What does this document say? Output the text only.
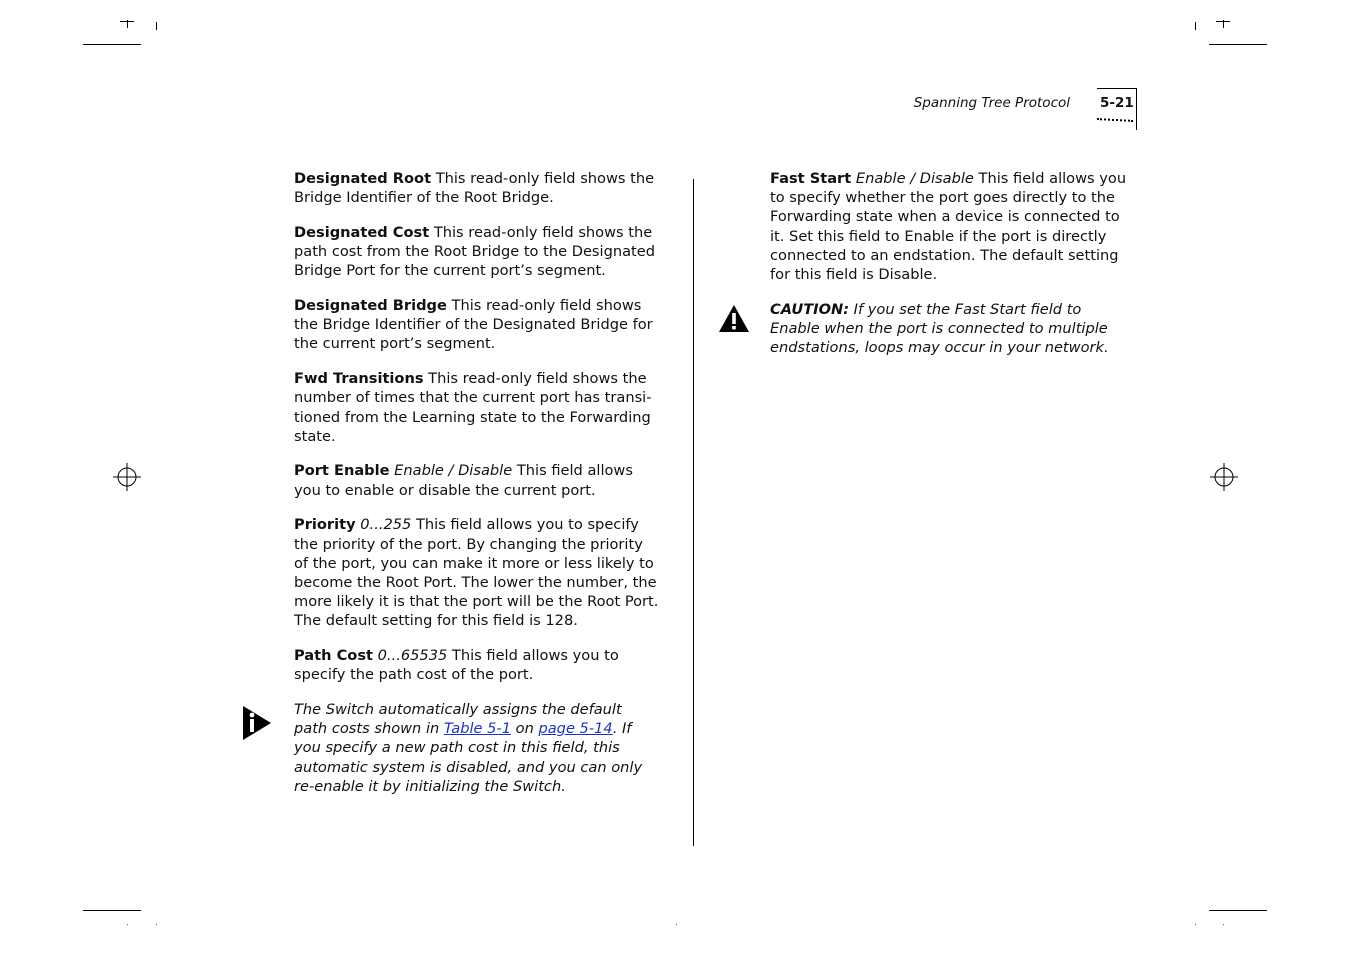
Spanning Tree Protocol 5-21

Designated Root This read-only field shows the Bridge Identifier of the Root Bridge.

Designated Cost This read-only field shows the path cost from the Root Bridge to the Designated Bridge Port for the current port’s segment.

Designated Bridge This read-only field shows the Bridge Identifier of the Designated Bridge for the current port’s segment.

Fwd Transitions This read-only field shows the number of times that the current port has transitioned from the Learning state to the Forwarding state.

Port Enable Enable / Disable This field allows you to enable or disable the current port.

Priority 0...255 This field allows you to specify the priority of the port. By changing the priority of the port, you can make it more or less likely to become the Root Port. The lower the number, the more likely it is that the port will be the Root Port. The default setting for this field is 128.

Path Cost 0...65535 This field allows you to specify the path cost of the port.

The Switch automatically assigns the default path costs shown in Table 5-1 on page 5-14. If you specify a new path cost in this field, this automatic system is disabled, and you can only re-enable it by initializing the Switch.

Fast Start Enable / Disable This field allows you to specify whether the port goes directly to the Forwarding state when a device is connected to it. Set this field to Enable if the port is directly connected to an endstation. The default setting for this field is Disable.

CAUTION: If you set the Fast Start field to Enable when the port is connected to multiple endstations, loops may occur in your network.
